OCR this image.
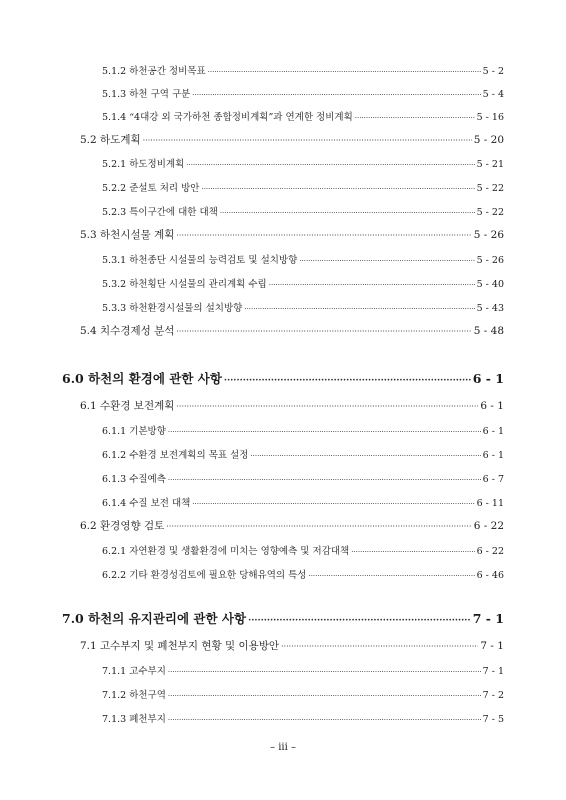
5.1.2 하천공간 정비목표 ·····	5 - 2
5.1.3 하천 구역 구분 ·····	5 - 4
5.1.4 “4대강 외 국가하천 종합정비계획”과 연계한 정비계획 ·····	5 - 16
5.2 하도계획 ·····	5 - 20
5.2.1 하도정비계획 ·····	5 - 21
5.2.2 준설토 처리 방안 ·····	5 - 22
5.2.3 특이구간에 대한 대책 ·····	5 - 22
5.3 하천시설물 계획 ·····	5 - 26
5.3.1 하천종단 시설물의 능력검토 및 설치방향 ·····	5 - 26
5.3.2 하천횡단 시설물의 관리계획 수립 ·····	5 - 40
5.3.3 하천환경시설물의 설치방향 ·····	5 - 43
5.4 치수경제성 분석 ·····	5 - 48
6.0 하천의 환경에 관한 사항 ·····	6 - 1
6.1 수환경 보전계획 ·····	6 - 1
6.1.1 기본방향 ·····	6 - 1
6.1.2 수환경 보전계획의 목표 설정 ·····	6 - 1
6.1.3 수질예측 ·····	6 - 7
6.1.4 수질 보전 대책 ·····	6 - 11
6.2 환경영향 검토 ·····	6 - 22
6.2.1 자연환경 및 생활환경에 미치는 영향예측 및 저감대책 ·····	6 - 22
6.2.2 기타 환경성검토에 필요한 당해유역의 특성 ·····	6 - 46
7.0 하천의 유지관리에 관한 사항 ·····	7 - 1
7.1 고수부지 및 폐천부지 현황 및 이용방안 ·····	7 - 1
7.1.1 고수부지 ·····	7 - 1
7.1.2 하천구역 ·····	7 - 2
7.1.3 폐천부지 ·····	7 - 5
– iii –
